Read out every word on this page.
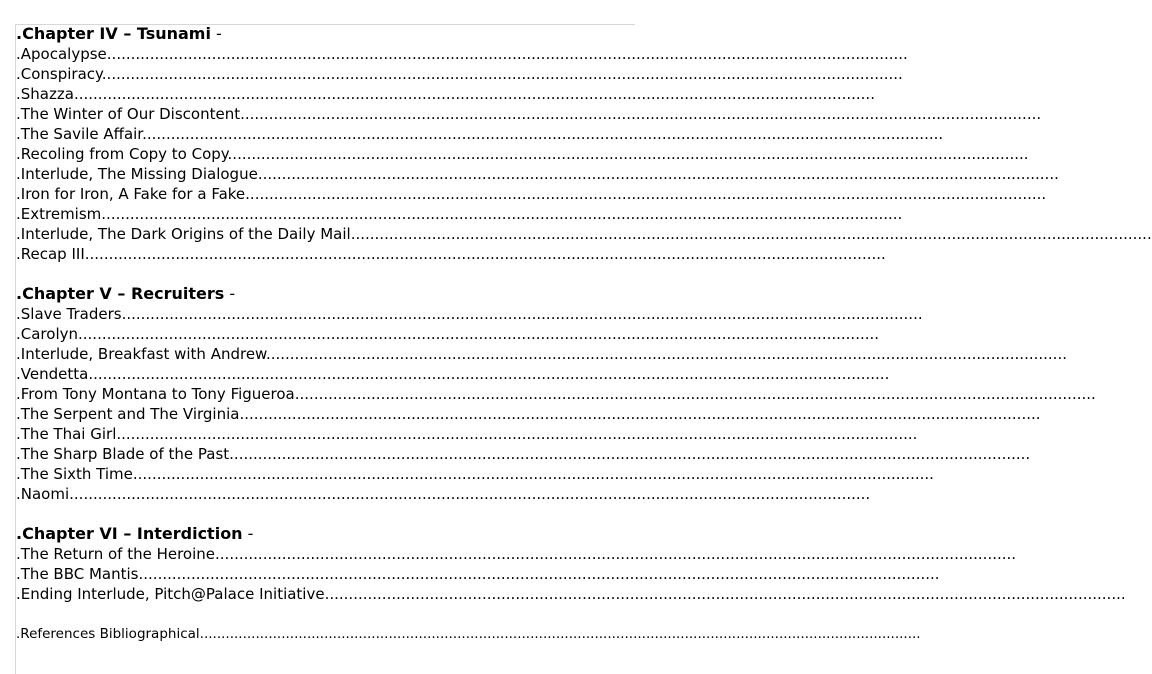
.Chapter IV – Tsunami -
.Apocalypse........................................................................................................................................................................
.Conspiracy........................................................................................................................................................................
.Shazza........................................................................................................................................................................
.The Winter of Our Discontent........................................................................................................................................................................
.The Savile Affair........................................................................................................................................................................
.Recoling from Copy to Copy........................................................................................................................................................................
.Interlude, The Missing Dialogue........................................................................................................................................................................
.Iron for Iron, A Fake for a Fake........................................................................................................................................................................
.Extremism........................................................................................................................................................................
.Interlude, The Dark Origins of the Daily Mail........................................................................................................................................................................
.Recap III........................................................................................................................................................................
.Chapter V – Recruiters -
.Slave Traders........................................................................................................................................................................
.Carolyn........................................................................................................................................................................
.Interlude, Breakfast with Andrew........................................................................................................................................................................
.Vendetta........................................................................................................................................................................
.From Tony Montana to Tony Figueroa........................................................................................................................................................................
.The Serpent and The Virginia........................................................................................................................................................................
.The Thai Girl........................................................................................................................................................................
.The Sharp Blade of the Past........................................................................................................................................................................
.The Sixth Time........................................................................................................................................................................
.Naomi........................................................................................................................................................................
.Chapter VI – Interdiction -
.The Return of the Heroine........................................................................................................................................................................
.The BBC Mantis........................................................................................................................................................................
.Ending Interlude, Pitch@Palace Initiative........................................................................................................................................................................
.References Bibliographical........................................................................................................................................................................
